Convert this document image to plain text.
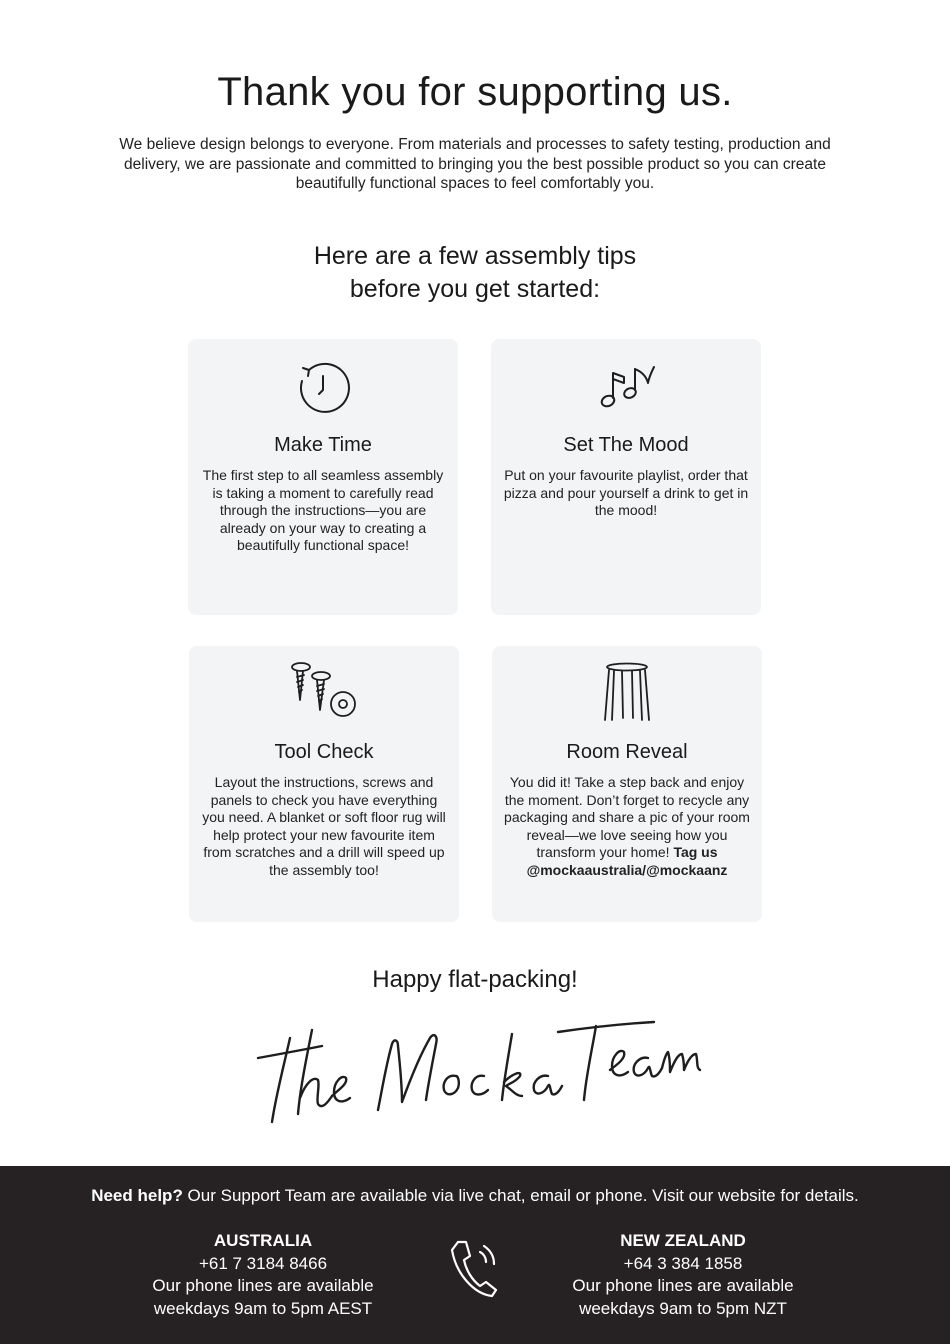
Thank you for supporting us.

We believe design belongs to everyone. From materials and processes to safety testing, production and delivery, we are passionate and committed to bringing you the best possible product so you can create beautifully functional spaces to feel comfortably you.

Here are a few assembly tips
before you get started:
Make Time
The first step to all seamless assembly is taking a moment to carefully read through the instructions—you are already on your way to creating a beautifully functional space!
Set The Mood
Put on your favourite playlist, order that pizza and pour yourself a drink to get in the mood!
Tool Check
Layout the instructions, screws and panels to check you have everything you need. A blanket or soft floor rug will help protect your new favourite item from scratches and a drill will speed up the assembly too!
Room Reveal
You did it! Take a step back and enjoy the moment. Don’t forget to recycle any packaging and share a pic of your room reveal—we love seeing how you transform your home! Tag us
@mockaaustralia/@mockaanz
Happy flat-packing!
Need help? Our Support Team are available via live chat, email or phone. Visit our website for details.
AUSTRALIA
+61 7 3184 8466
Our phone lines are available
weekdays 9am to 5pm AEST
NEW ZEALAND
+64 3 384 1858
Our phone lines are available
weekdays 9am to 5pm NZT
